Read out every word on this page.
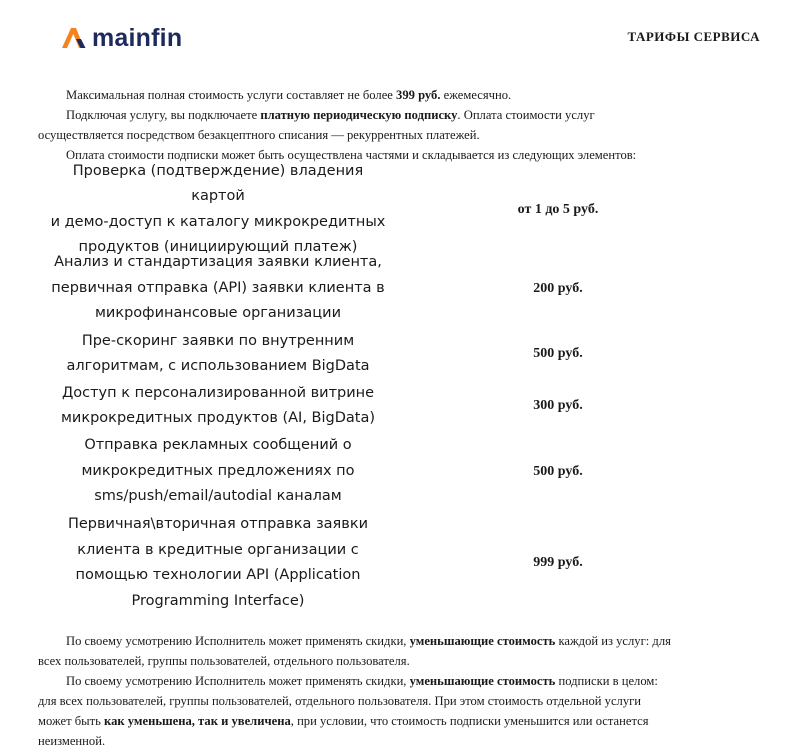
mainfin	ТАРИФЫ СЕРВИСА
Максимальная полная стоимость услуги составляет не более 399 руб. ежемесячно.
Подключая услугу, вы подключаете платную периодическую подписку. Оплата стоимости услуг
осуществляется посредством безакцептного списания — рекуррентных платежей.
Оплата стоимости подписки может быть осуществлена частями и складывается из следующих элементов:
Проверка (подтверждение) владения картой
и демо-доступ к каталогу микрокредитных
продуктов (инициирующий платеж)
от 1 до 5 руб.
Анализ и стандартизация заявки клиента,
первичная отправка (API) заявки клиента в
микрофинансовые организации
200 руб.
Пре-скоринг заявки по внутренним
алгоритмам, с использованием BigData
500 руб.
Доступ к персонализированной витрине
микрокредитных продуктов (AI, BigData)
300 руб.
Отправка рекламных сообщений о
микрокредитных предложениях по
sms/push/email/autodial каналам
500 руб.
Первичная\вторичная отправка заявки
клиента в кредитные организации с
помощью технологии API (Application
Programming Interface)
999 руб.
По своему усмотрению Исполнитель может применять скидки, уменьшающие стоимость каждой из услуг: для
всех пользователей, группы пользователей, отдельного пользователя.
По своему усмотрению Исполнитель может применять скидки, уменьшающие стоимость подписки в целом:
для всех пользователей, группы пользователей, отдельного пользователя. При этом стоимость отдельной услуги
может быть как уменьшена, так и увеличена, при условии, что стоимость подписки уменьшится или останется
неизменной.
